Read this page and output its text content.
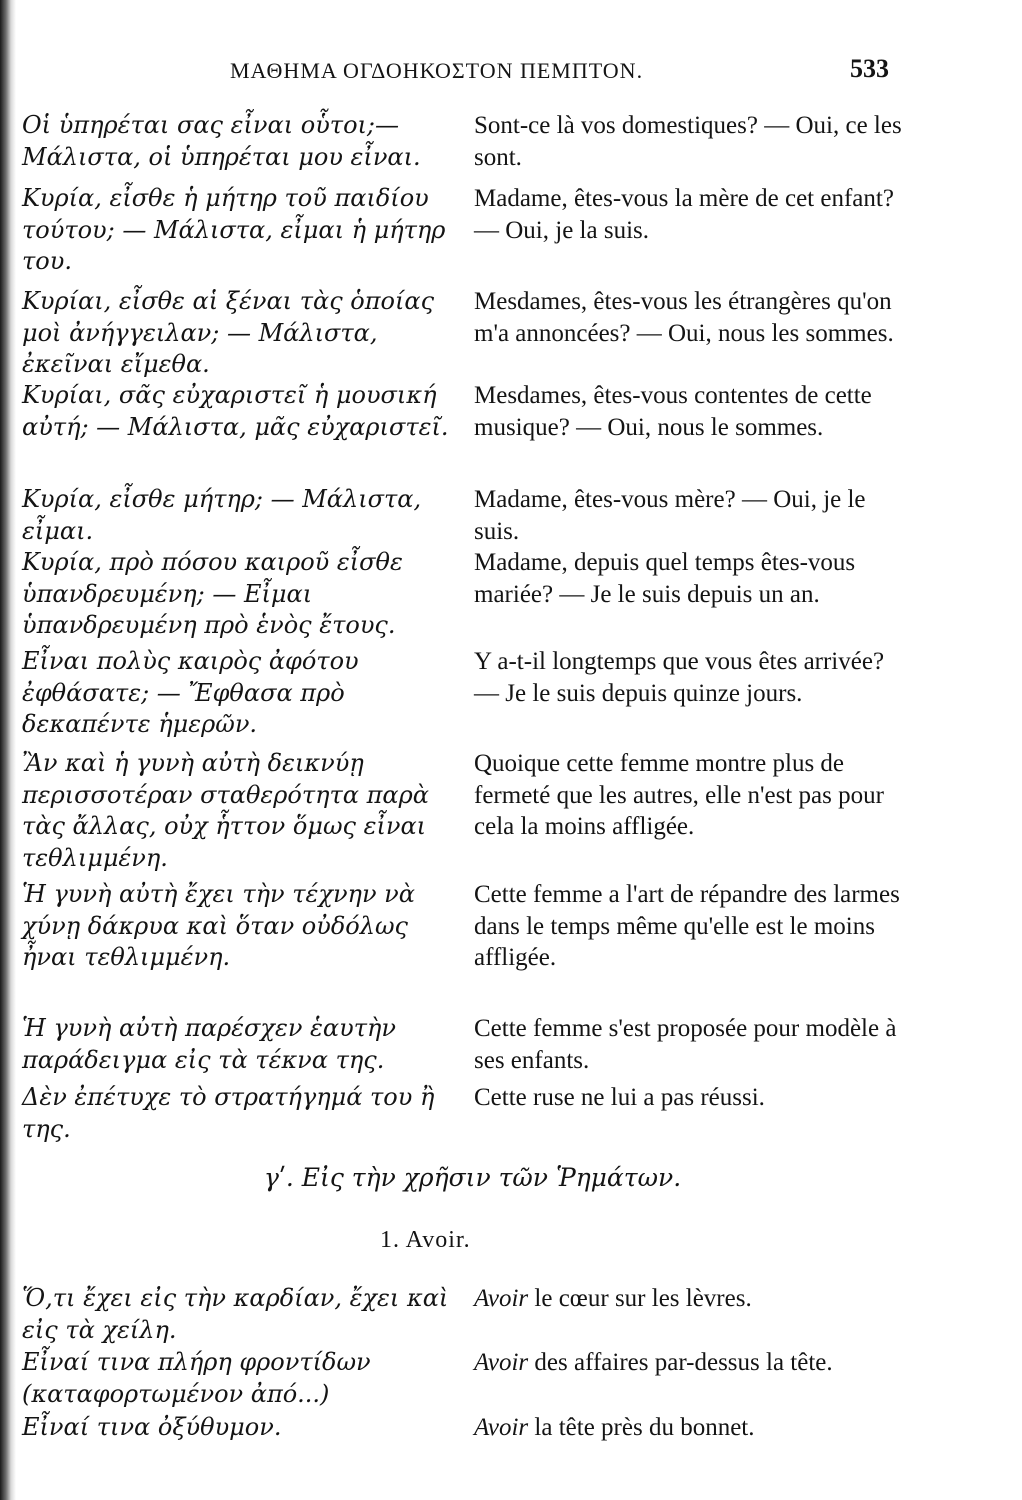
ΜΑΘΗΜΑ ΟΓΔΟΗΚΟΣΤΟΝ ΠΕΜΠΤΟΝ.	533
Οἱ ὑπηρέται σας εἶναι οὗτοι;— Μάλιστα, οἱ ὑπηρέται μου εἶναι.
Sont-ce là vos domestiques? — Oui, ce les sont.
Κυρία, εἶσθε ἡ μήτηρ τοῦ παιδίου τούτου; — Μάλιστα, εἶμαι ἡ μήτηρ του.
Madame, êtes-vous la mère de cet enfant? — Oui, je la suis.
Κυρίαι, εἶσθε αἱ ξέναι τὰς ὁποίας μοὶ ἀνήγγειλαν; — Μάλιστα, ἐκεῖναι εἴμεθα.
Mesdames, êtes-vous les étrangères qu'on m'a annoncées? — Oui, nous les sommes.
Κυρίαι, σᾶς εὐχαριστεῖ ἡ μουσική αὐτή; — Μάλιστα, μᾶς εὐχαριστεῖ.
Mesdames, êtes-vous contentes de cette musique? — Oui, nous le sommes.
Κυρία, εἶσθε μήτηρ; — Μάλιστα, εἶμαι.
Madame, êtes-vous mère? — Oui, je le suis.
Κυρία, πρὸ πόσου καιροῦ εἶσθε ὑπανδρευμένη; — Εἶμαι ὑπανδρευμένη πρὸ ἑνὸς ἔτους.
Madame, depuis quel temps êtes-vous mariée? — Je le suis depuis un an.
Εἶναι πολὺς καιρὸς ἀφότου ἐφθάσατε; — Ἔφθασα πρὸ δεκαπέντε ἡμερῶν.
Y a-t-il longtemps que vous êtes arrivée? — Je le suis depuis quinze jours.
Ἂν καὶ ἡ γυνὴ αὐτὴ δεικνύῃ περισσοτέραν σταθερότητα παρὰ τὰς ἄλλας, οὐχ ἧττον ὅμως εἶναι τεθλιμμένη.
Quoique cette femme montre plus de fermeté que les autres, elle n'est pas pour cela la moins affligée.
Ἡ γυνὴ αὐτὴ ἔχει τὴν τέχνην νὰ χύνῃ δάκρυα καὶ ὅταν οὐδόλως ἦναι τεθλιμμένη.
Cette femme a l'art de répandre des larmes dans le temps même qu'elle est le moins affligée.
Ἡ γυνὴ αὐτὴ παρέσχεν ἑαυτὴν παράδειγμα εἰς τὰ τέκνα της.
Cette femme s'est proposée pour modèle à ses enfants.
Δὲν ἐπέτυχε τὸ στρατήγημά του ἢ της.
Cette ruse ne lui a pas réussi.
γʹ. Εἰς τὴν χρῆσιν τῶν Ῥημάτων.
1. Avoir.
Ὅ,τι ἔχει εἰς τὴν καρδίαν, ἔχει καὶ εἰς τὰ χείλη.
Avoir le cœur sur les lèvres.
Εἶναί τινα πλήρη φροντίδων (καταφορτωμένον ἀπό...)
Avoir des affaires par-dessus la tête.
Εἶναί τινα ὀξύθυμον.	Avoir la tête près du bonnet.
